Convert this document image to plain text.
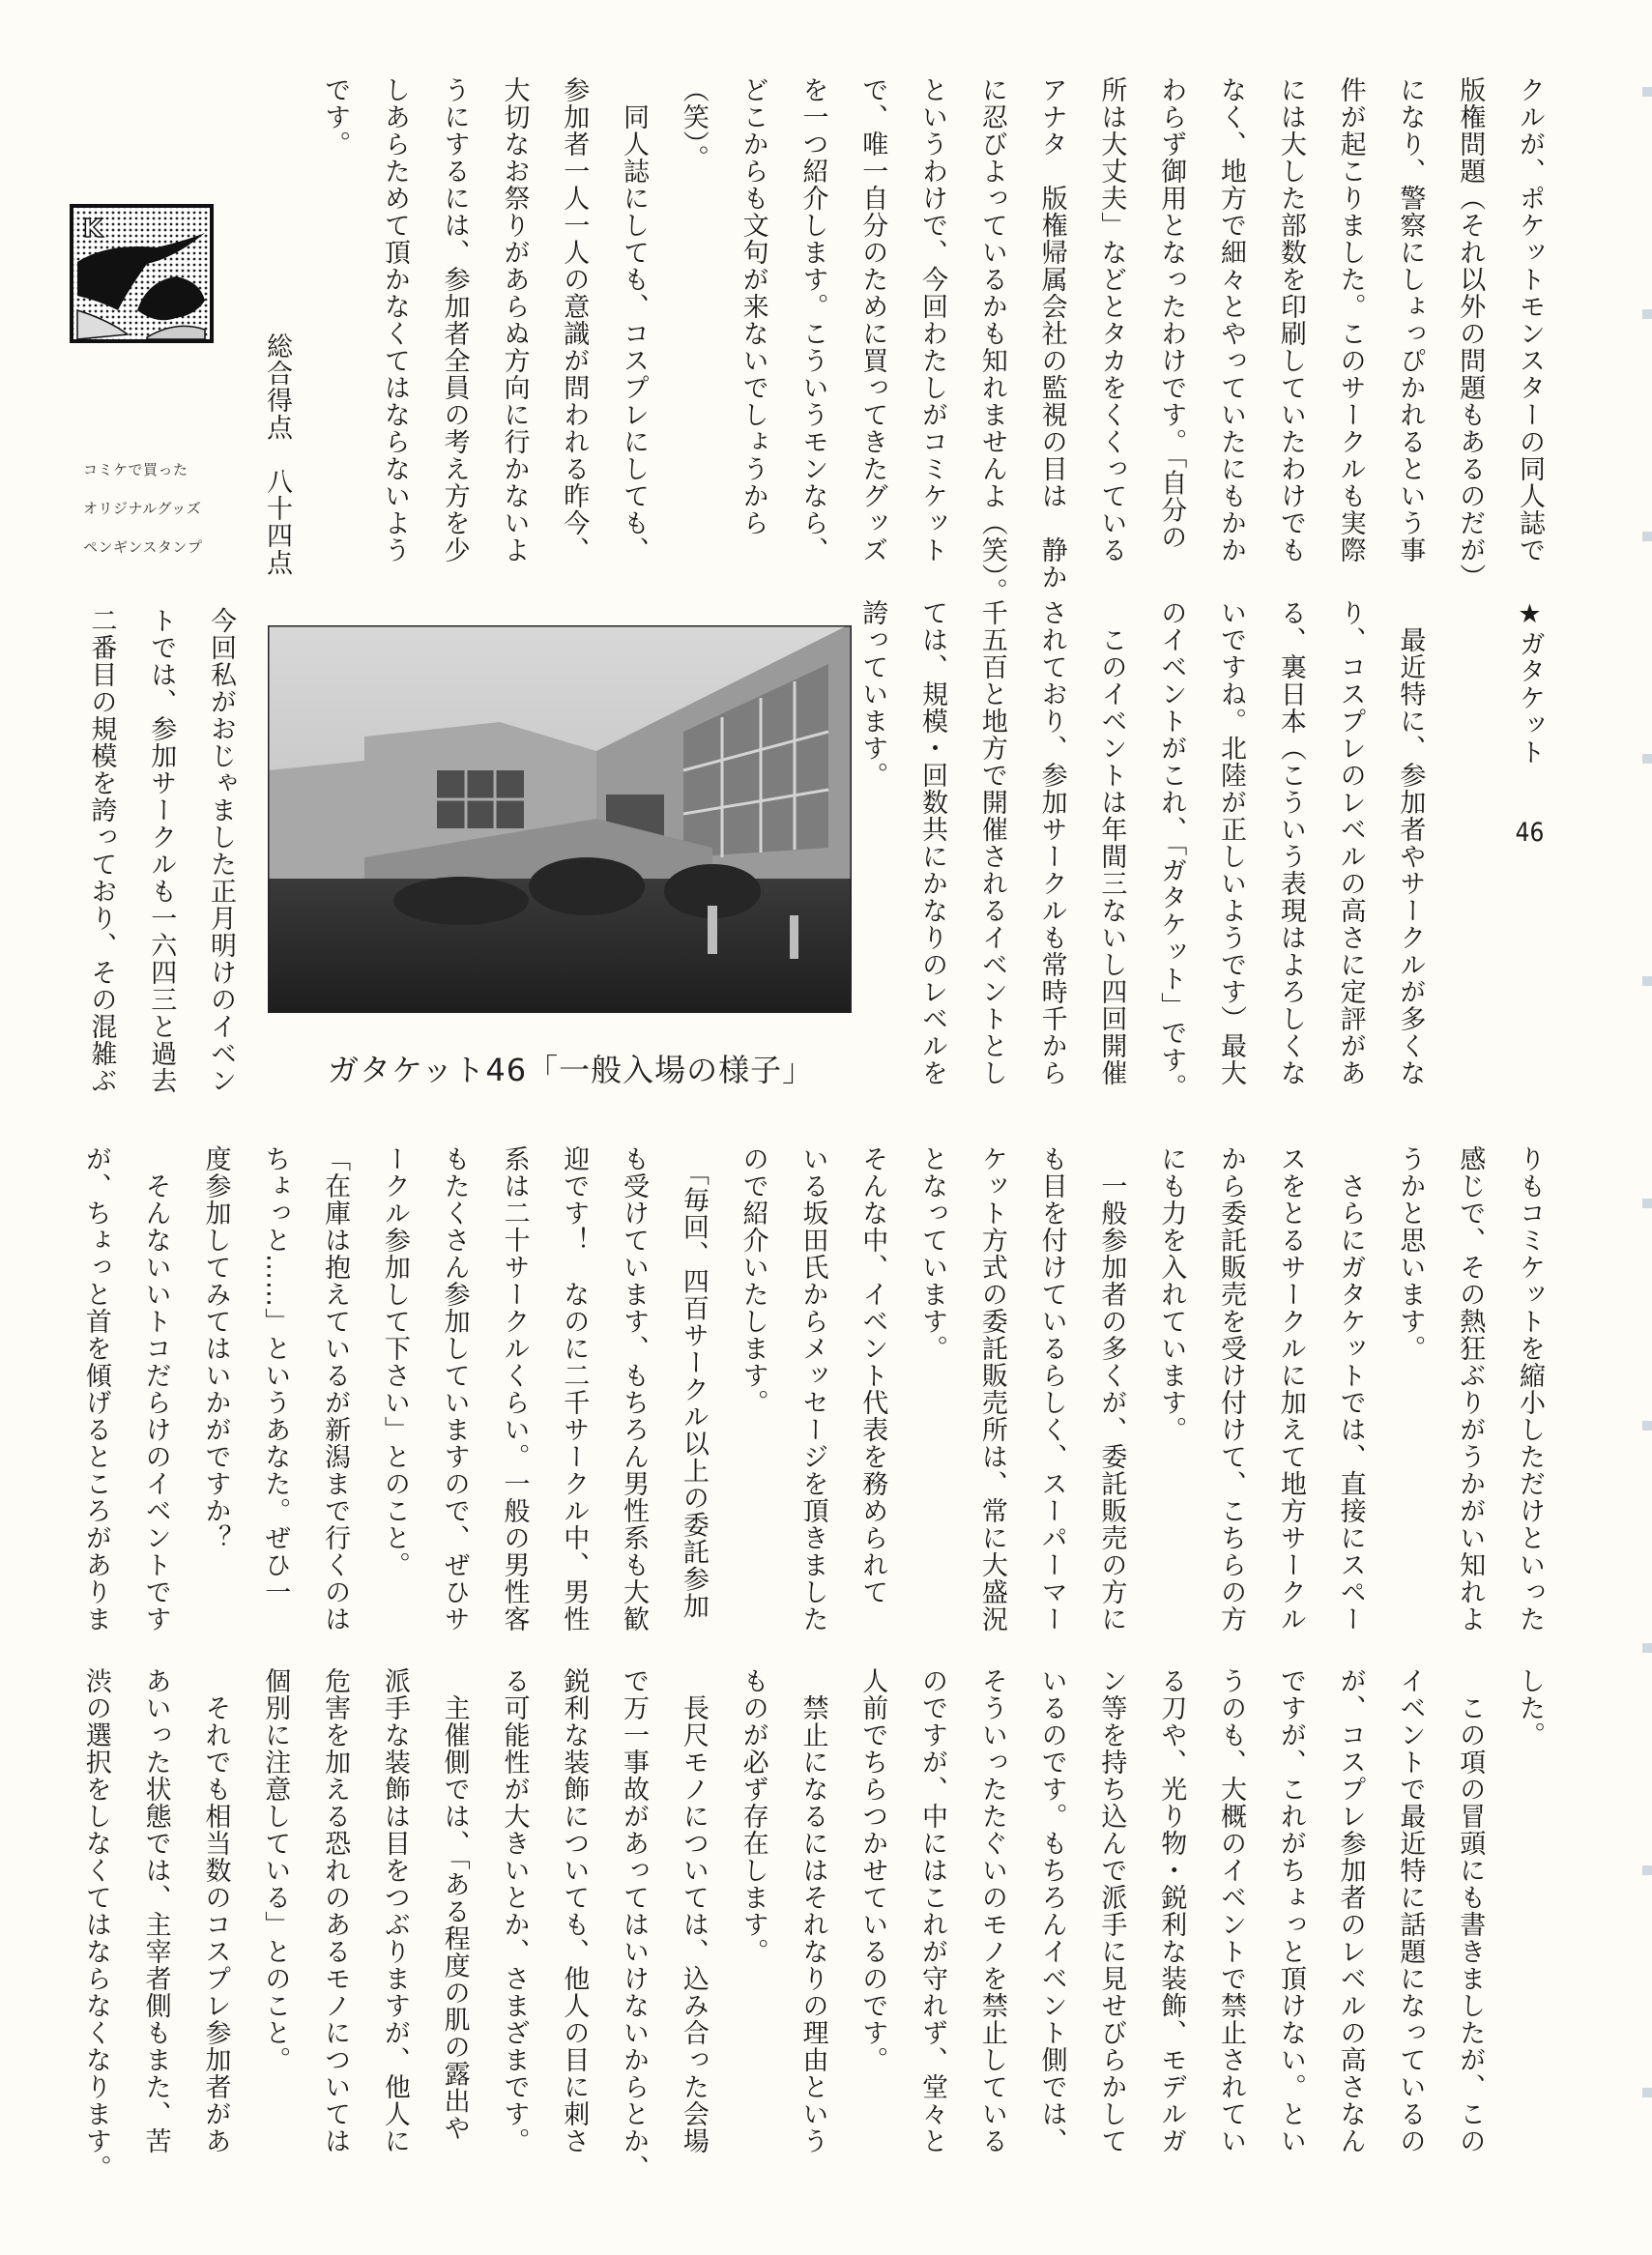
クルが、ポケットモンスターの同人誌で
版権問題（それ以外の問題もあるのだが）
になり、警察にしょっぴかれるという事
件が起こりました。このサークルも実際
には大した部数を印刷していたわけでも
なく、地方で細々とやっていたにもかか
わらず御用となったわけです。「自分の
所は大丈夫」などとタカをくくっている
アナタ　版権帰属会社の監視の目は　静か
に忍びよっているかも知れませんよ（笑）。
というわけで、今回わたしがコミケット
で、唯一自分のために買ってきたグッズ
を一つ紹介します。こういうモンなら、
どこからも文句が来ないでしょうから
（笑）。
　同人誌にしても、コスプレにしても、
参加者一人一人の意識が問われる昨今、
大切なお祭りがあらぬ方向に行かないよ
うにするには、参加者全員の考え方を少
しあらためて頂かなくてはならないよう
です。
総合得点　八十四点
K
コミケで買った
オリジナルグッズ
ペンギンスタンプ
★ガタケット46
　最近特に、参加者やサークルが多くな
り、コスプレのレベルの高さに定評があ
る、裏日本（こういう表現はよろしくな
いですね。北陸が正しいようです）最大
のイベントがこれ、「ガタケット」です。
　このイベントは年間三ないし四回開催
されており、参加サークルも常時千から
千五百と地方で開催されるイベントとし
ては、規模・回数共にかなりのレベルを
誇っています。
ガタケット46「一般入場の様子」
今回私がおじゃました正月明けのイベン
トでは、参加サークルも一六四三と過去
二番目の規模を誇っており、その混雑ぶ
りもコミケットを縮小しただけといった
感じで、その熱狂ぶりがうかがい知れよ
うかと思います。
　さらにガタケットでは、直接にスペー
スをとるサークルに加えて地方サークル
から委託販売を受け付けて、こちらの方
にも力を入れています。
　一般参加者の多くが、委託販売の方に
も目を付けているらしく、スーパーマー
ケット方式の委託販売所は、常に大盛況
となっています。
そんな中、イベント代表を務められて
いる坂田氏からメッセージを頂きました
ので紹介いたします。
　「毎回、四百サークル以上の委託参加
も受けています、もちろん男性系も大歓
迎です！　なのに二千サークル中、男性
系は二十サークルくらい。一般の男性客
もたくさん参加していますので、ぜひサ
ークル参加して下さい」とのこと。
「在庫は抱えているが新潟まで行くのは
ちょっと……」というあなた。ぜひ一
度参加してみてはいかがですか？
　そんないいトコだらけのイベントです
が、ちょっと首を傾げるところがありま
した。
　この項の冒頭にも書きましたが、この
イベントで最近特に話題になっているの
が、コスプレ参加者のレベルの高さなん
ですが、これがちょっと頂けない。とい
うのも、大概のイベントで禁止されてい
る刀や、光り物・鋭利な装飾、モデルガ
ン等を持ち込んで派手に見せびらかして
いるのです。もちろんイベント側では、
そういったたぐいのモノを禁止している
のですが、中にはこれが守れず、堂々と
人前でちらつかせているのです。
　禁止になるにはそれなりの理由という
ものが必ず存在します。
　長尺モノについては、込み合った会場
で万一事故があってはいけないからとか、
鋭利な装飾についても、他人の目に刺さ
る可能性が大きいとか、さまざまです。
　主催側では、「ある程度の肌の露出や
派手な装飾は目をつぶりますが、他人に
危害を加える恐れのあるモノについては
個別に注意している」とのこと。
　それでも相当数のコスプレ参加者があ
あいった状態では、主宰者側もまた、苦
渋の選択をしなくてはならなくなります。
